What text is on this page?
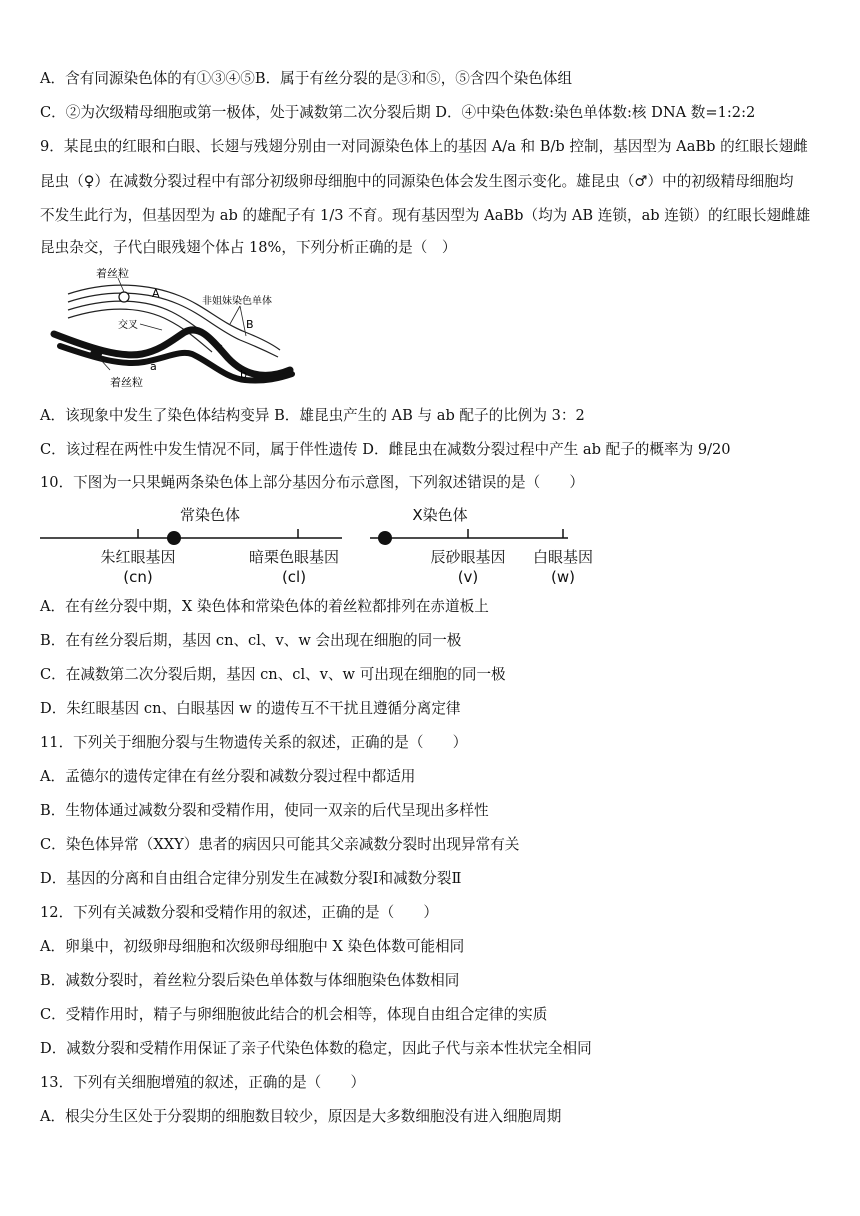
A．含有同源染色体的有①③④⑤B．属于有丝分裂的是③和⑤，⑤含四个染色体组
C．②为次级精母细胞或第一极体，处于减数第二次分裂后期 D．④中染色体数:染色单体数:核 DNA 数=1:2:2
9．某昆虫的红眼和白眼、长翅与残翅分别由一对同源染色体上的基因 A/a 和 B/b 控制，基因型为 AaBb 的红眼长翅雌
昆虫（♀）在减数分裂过程中有部分初级卵母细胞中的同源染色体会发生图示变化。雄昆虫（♂）中的初级精母细胞均
不发生此行为，但基因型为 ab 的雄配子有 1/3 不育。现有基因型为 AaBb（均为 AB 连锁，ab 连锁）的红眼长翅雌雄
昆虫杂交，子代白眼残翅个体占 18%，下列分析正确的是（　）
着丝粒
A
非姐妹染色单体
B
交叉
a
b
着丝粒
A．该现象中发生了染色体结构变异 B．雄昆虫产生的 AB 与 ab 配子的比例为 3：2
C．该过程在两性中发生情况不同，属于伴性遗传 D．雌昆虫在减数分裂过程中产生 ab 配子的概率为 9/20
10．下图为一只果蝇两条染色体上部分基因分布示意图，下列叙述错误的是（　　）
常染色体	X染色体
朱红眼基因
(cn)
暗栗色眼基因
(cl)
辰砂眼基因
(v)
白眼基因
(w)
A．在有丝分裂中期，X 染色体和常染色体的着丝粒都排列在赤道板上
B．在有丝分裂后期，基因 cn、cl、v、w 会出现在细胞的同一极
C．在减数第二次分裂后期，基因 cn、cl、v、w 可出现在细胞的同一极
D．朱红眼基因 cn、白眼基因 w 的遗传互不干扰且遵循分离定律
11．下列关于细胞分裂与生物遗传关系的叙述，正确的是（　　）
A．孟德尔的遗传定律在有丝分裂和减数分裂过程中都适用
B．生物体通过减数分裂和受精作用，使同一双亲的后代呈现出多样性
C．染色体异常（XXY）患者的病因只可能其父亲减数分裂时出现异常有关
D．基因的分离和自由组合定律分别发生在减数分裂Ⅰ和减数分裂Ⅱ
12．下列有关减数分裂和受精作用的叙述，正确的是（　　）
A．卵巢中，初级卵母细胞和次级卵母细胞中 X 染色体数可能相同
B．减数分裂时，着丝粒分裂后染色单体数与体细胞染色体数相同
C．受精作用时，精子与卵细胞彼此结合的机会相等，体现自由组合定律的实质
D．减数分裂和受精作用保证了亲子代染色体数的稳定，因此子代与亲本性状完全相同
13．下列有关细胞增殖的叙述，正确的是（　　）
A．根尖分生区处于分裂期的细胞数目较少，原因是大多数细胞没有进入细胞周期
